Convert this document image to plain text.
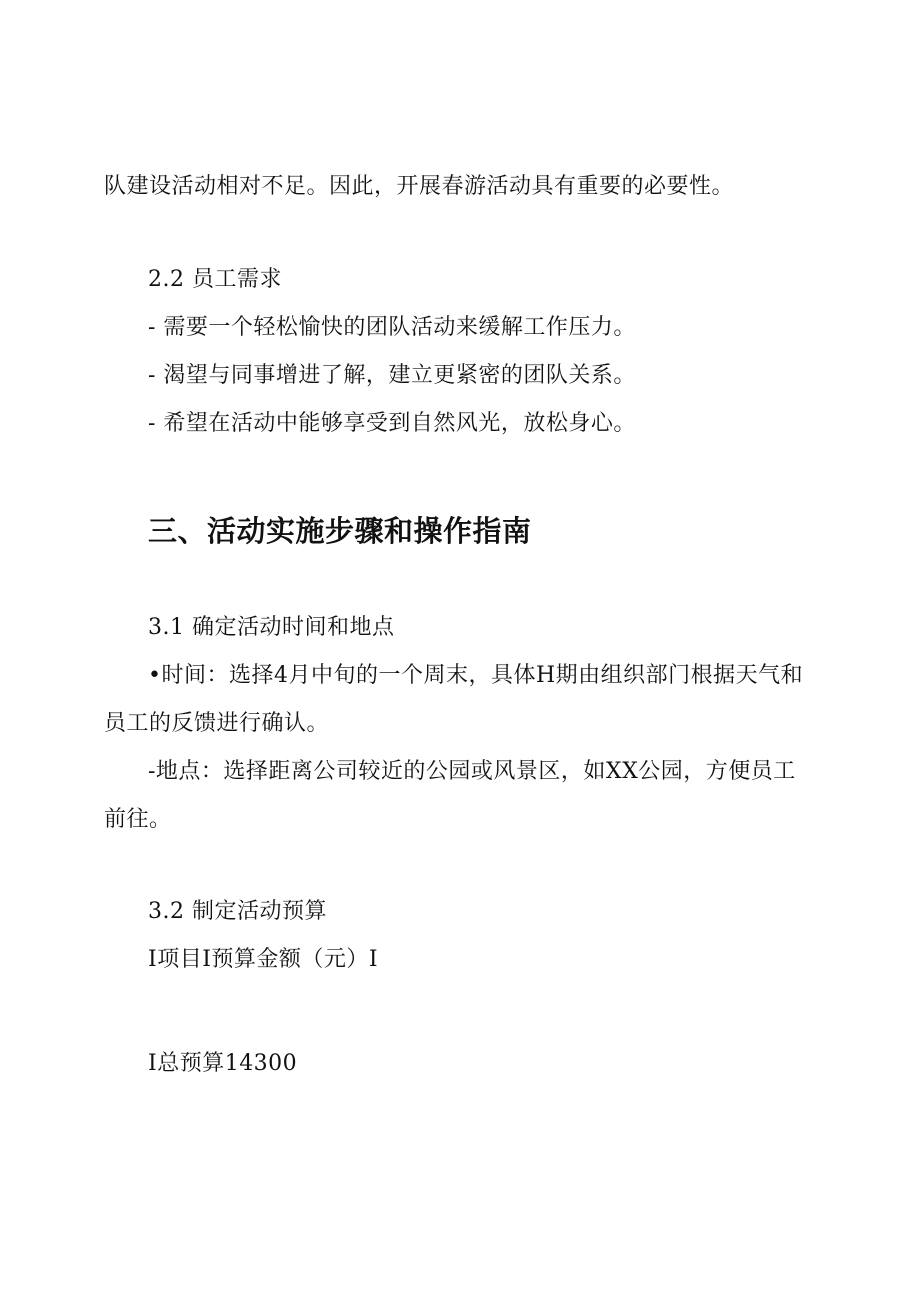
队建设活动相对不足。因此，开展春游活动具有重要的必要性。
2.2 员工需求
- 需要一个轻松愉快的团队活动来缓解工作压力。
- 渴望与同事增进了解，建立更紧密的团队关系。
- 希望在活动中能够享受到自然风光，放松身心。
三、活动实施步骤和操作指南
3.1 确定活动时间和地点
•时间：选择4月中旬的一个周末，具体H期由组织部门根据天气和
员工的反馈进行确认。
-地点：选择距离公司较近的公园或风景区，如XX公园，方便员工
前往。
3.2 制定活动预算
I项目I预算金额（元）I
I总预算14300
